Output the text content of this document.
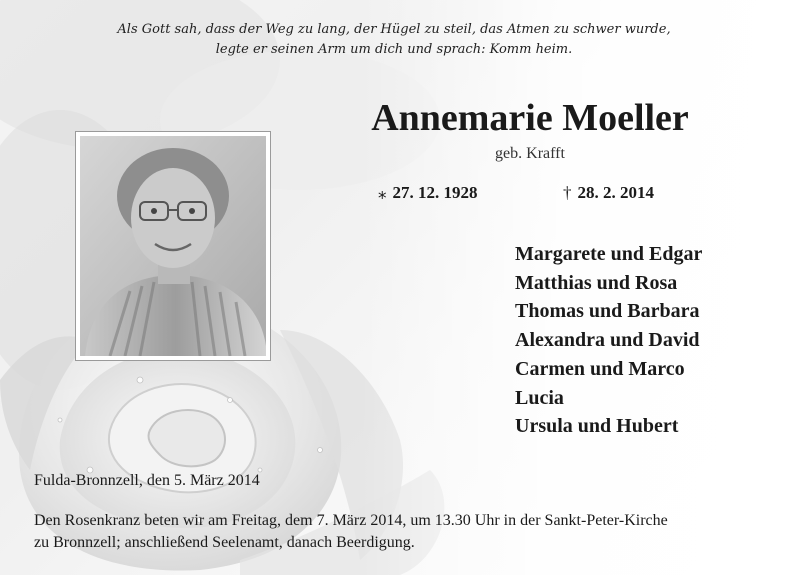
Als Gott sah, dass der Weg zu lang, der Hügel zu steil, das Atmen zu schwer wurde,
legte er seinen Arm um dich und sprach: Komm heim.
Annemarie Moeller
geb. Krafft
⁎ 27. 12. 1928	† 28. 2. 2014
Margarete und Edgar
Matthias und Rosa
Thomas und Barbara
Alexandra und David
Carmen und Marco
Lucia
Ursula und Hubert
Fulda-Bronnzell, den 5. März 2014
Den Rosenkranz beten wir am Freitag, dem 7. März 2014, um 13.30 Uhr in der Sankt-Peter-Kirche
zu Bronnzell; anschließend Seelenamt, danach Beerdigung.
